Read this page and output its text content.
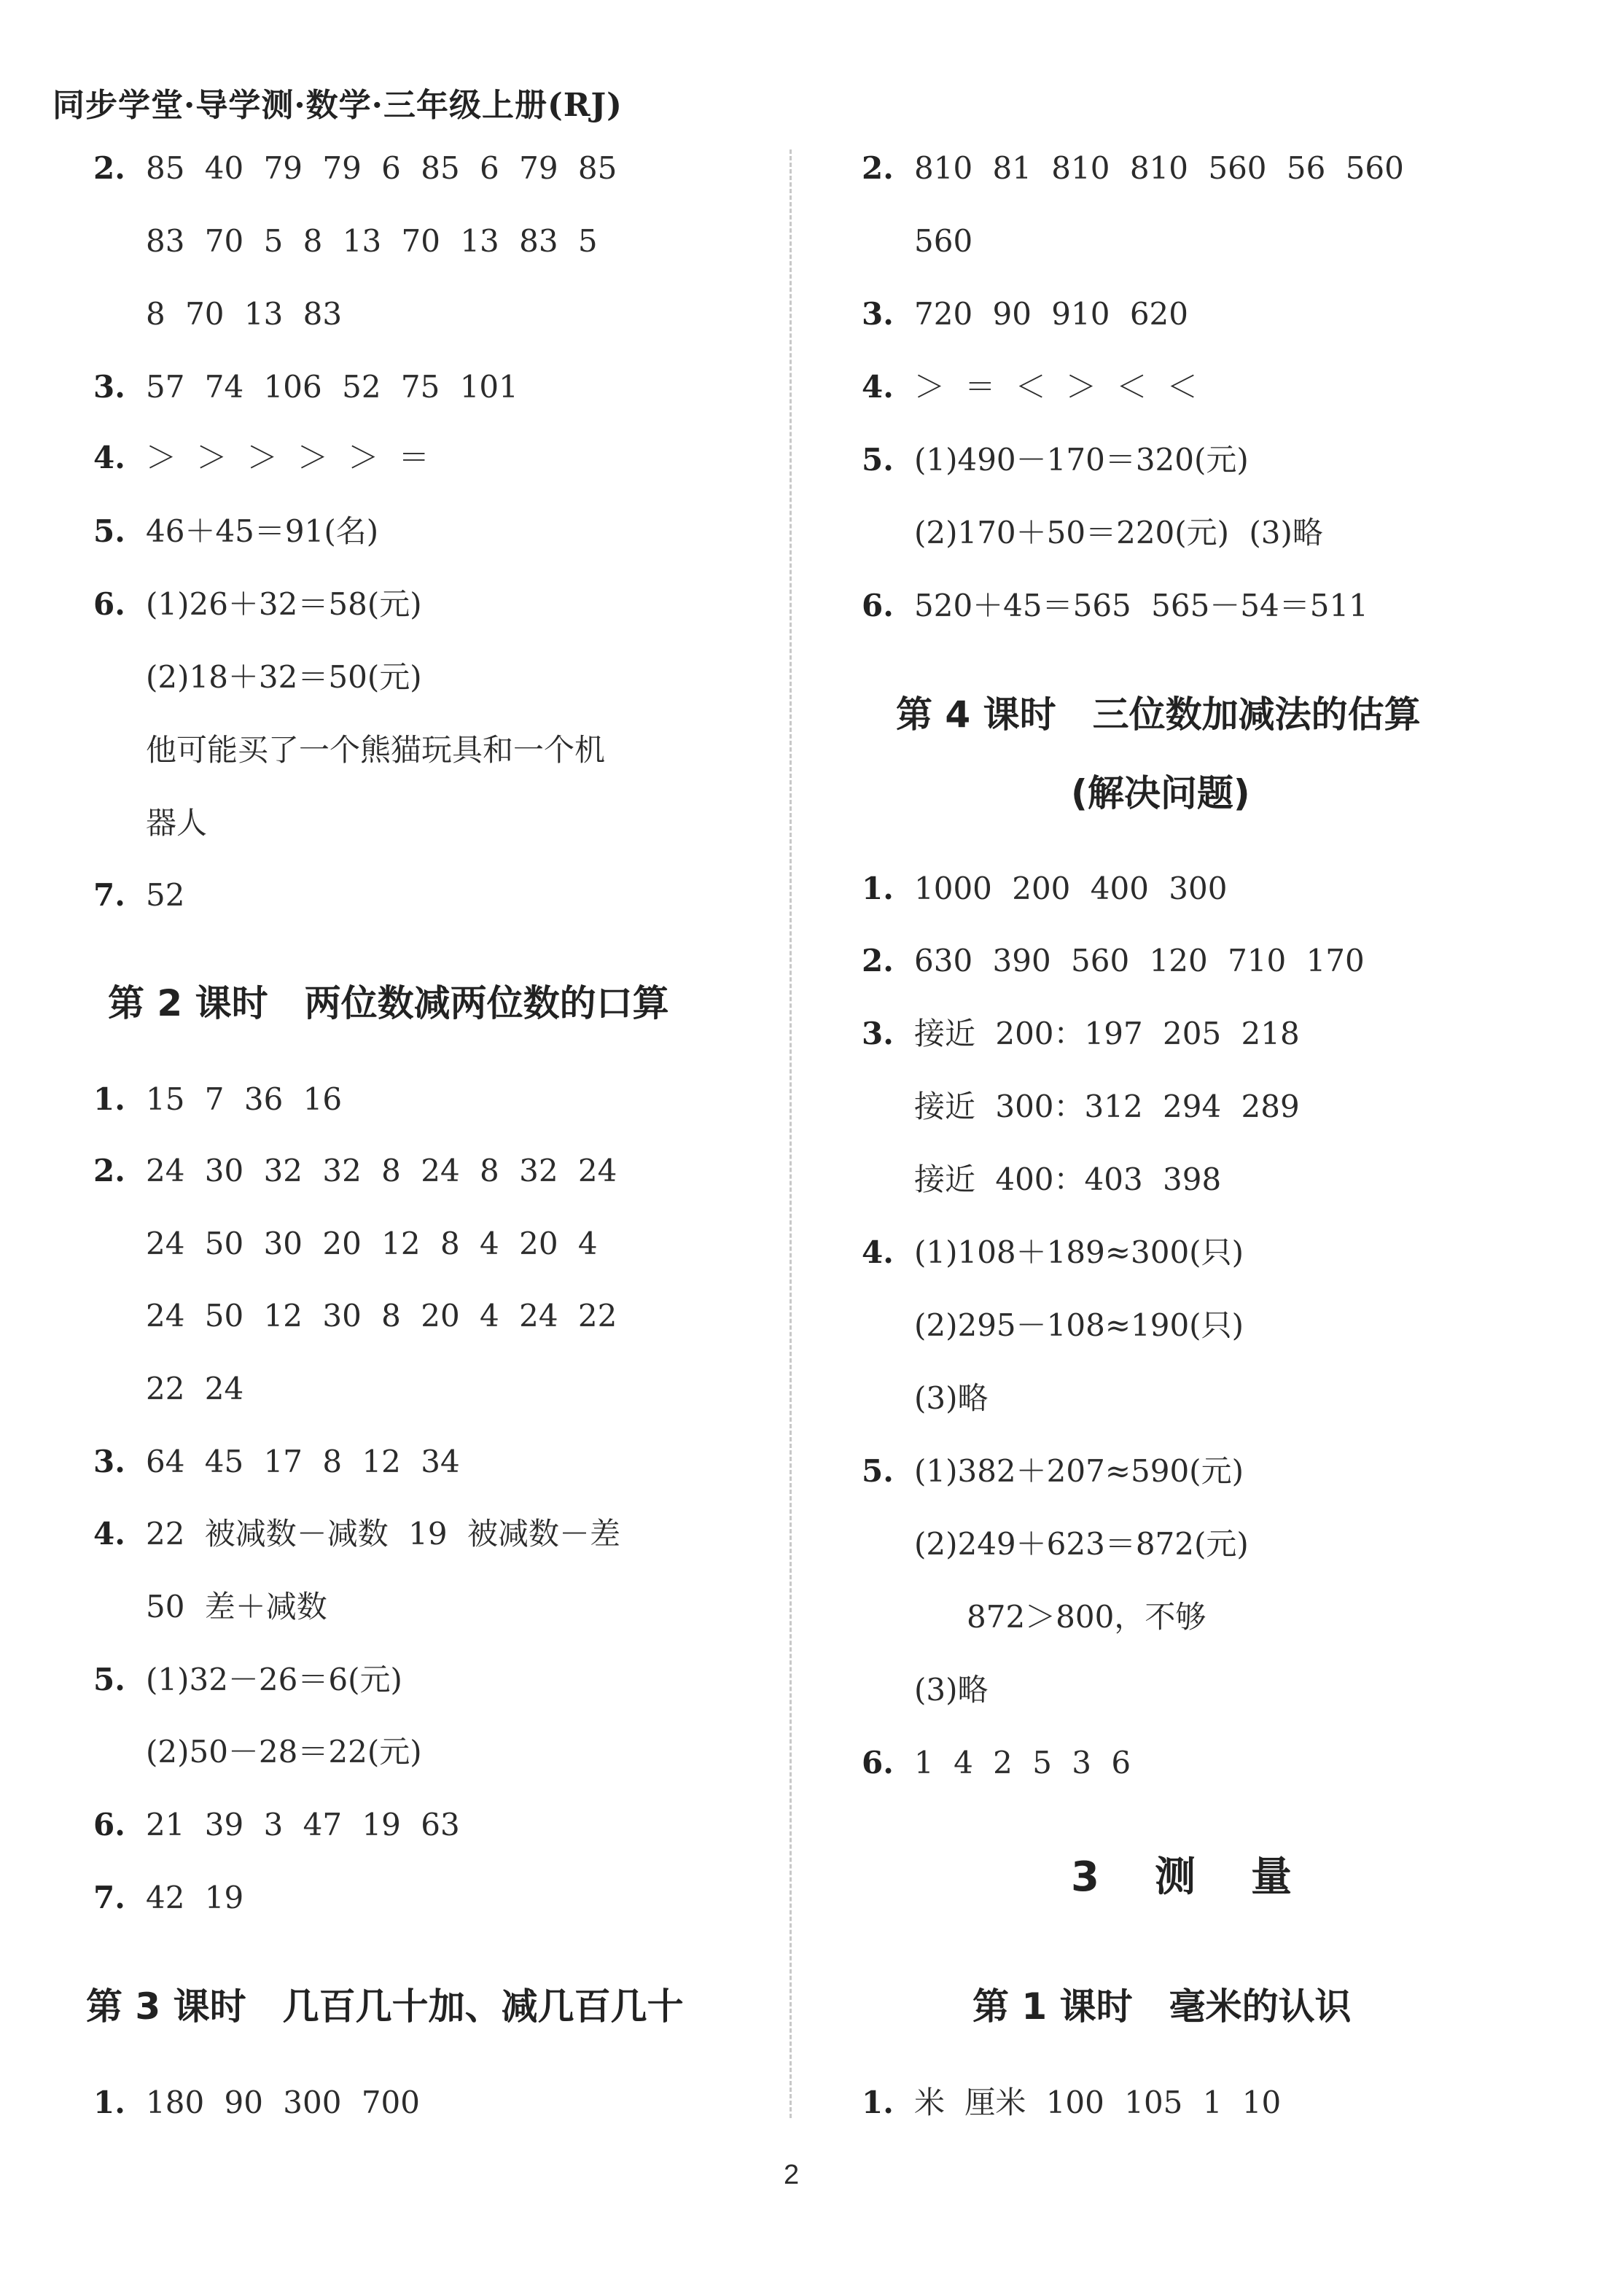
同步学堂·导学测·数学·三年级上册(RJ)
2. 85 40 79 79 6 85 6 79 85
83 70 5 8 13 70 13 83 5
8 70 13 83
3. 57 74 106 52 75 101
4. ＞ ＞ ＞ ＞ ＞ ＝
5. 46＋45＝91(名)
6. (1)26＋32＝58(元)
(2)18＋32＝50(元)
他可能买了一个熊猫玩具和一个机
器人
7. 52
第 2 课时　两位数减两位数的口算
1. 15 7 36 16
2. 24 30 32 32 8 24 8 32 24
24 50 30 20 12 8 4 20 4
24 50 12 30 8 20 4 24 22
22 24
3. 64 45 17 8 12 34
4. 22 被减数－减数 19 被减数－差
50 差＋减数
5. (1)32－26＝6(元)
(2)50－28＝22(元)
6. 21 39 3 47 19 63
7. 42 19
第 3 课时　几百几十加、减几百几十
1. 180 90 300 700
2. 810 81 810 810 560 56 560
560
3. 720 90 910 620
4. ＞ ＝ ＜ ＞ ＜ ＜
5. (1)490－170＝320(元)
(2)170＋50＝220(元) (3)略
6. 520＋45＝565 565－54＝511
第 4 课时　三位数加减法的估算
(解决问题)
1. 1000 200 400 300
2. 630 390 560 120 710 170
3. 接近 200：197 205 218
接近 300：312 294 289
接近 400：403 398
4. (1)108＋189≈300(只)
(2)295－108≈190(只)
(3)略
5. (1)382＋207≈590(元)
(2)249＋623＝872(元)
872＞800，不够
(3)略
6. 1 4 2 5 3 6
3　测　量
第 1 课时　毫米的认识
1. 米 厘米 100 105 1 10
2
